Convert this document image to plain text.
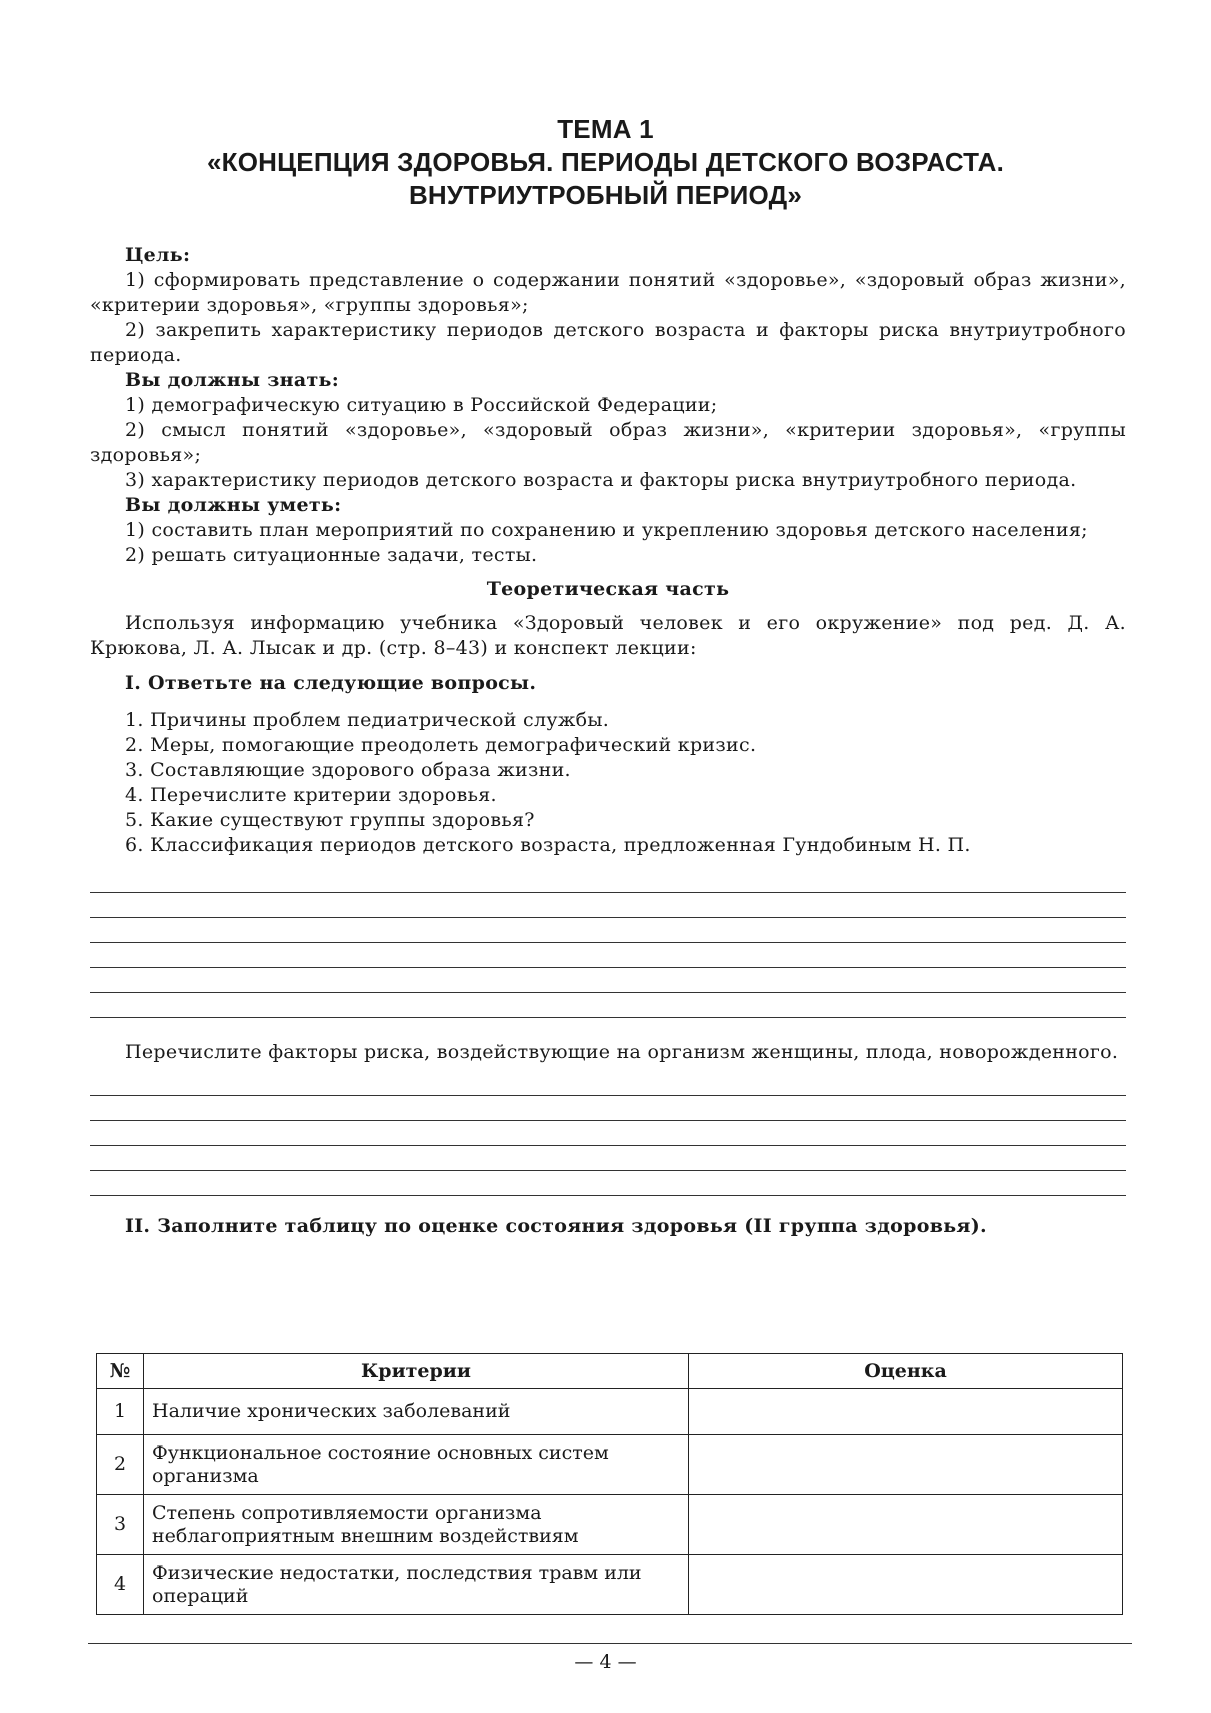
ТЕМА 1
«КОНЦЕПЦИЯ ЗДОРОВЬЯ. ПЕРИОДЫ ДЕТСКОГО ВОЗРАСТА.
ВНУТРИУТРОБНЫЙ ПЕРИОД»

Цель:

1) сформировать представление о содержании понятий «здоровье», «здоровый образ жизни», «критерии здоровья», «группы здоровья»;

2) закрепить характеристику периодов детского возраста и факторы риска внутриутробного периода.

Вы должны знать:

1) демографическую ситуацию в Российской Федерации;

2) смысл понятий «здоровье», «здоровый образ жизни», «критерии здоровья», «группы здоровья»;

3) характеристику периодов детского возраста и факторы риска внутриутробного периода.

Вы должны уметь:

1) составить план мероприятий по сохранению и укреплению здоровья детского населения;

2) решать ситуационные задачи, тесты.

Теоретическая часть

Используя информацию учебника «Здоровый человек и его окружение» под ред. Д. А. Крюкова, Л. А. Лысак и др. (стр. 8–43) и конспект лекции:

I. Ответьте на следующие вопросы.

1. Причины проблем педиатрической службы.
2. Меры, помогающие преодолеть демографический кризис.
3. Составляющие здорового образа жизни.
4. Перечислите критерии здоровья.
5. Какие существуют группы здоровья?
6. Классификация периодов детского возраста, предложенная Гундобиным Н. П.

Перечислите факторы риска, воздействующие на организм женщины, плода, новорожденного.

II. Заполните таблицу по оценке состояния здоровья (II группа здоровья).

№	Критерии	Оценка
1	Наличие хронических заболеваний	
2	Функциональное состояние основных систем организма	
3	Степень сопротивляемости организма неблагоприятным внешним воздействиям	
4	Физические недостатки, последствия травм или операций	
— 4 —
